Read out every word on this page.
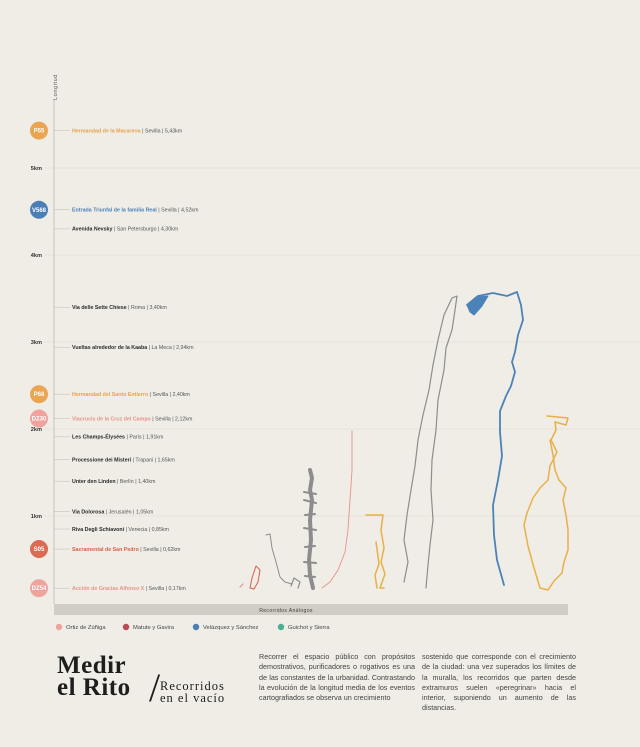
Longitud
5km
4km
3km
2km
1km
Hermandad de la Macarena | Sevilla | 5,43km
Entrada Triunfal de la familia Real | Sevilla | 4,52km
Avenida Nevsky | San Petersburgo | 4,30km
Via delle Sette Chiese | Roma | 3,40km
Vueltas alrededor de la Kaaba | La Meca | 2,94km
Hermandad del Santo Entierro | Sevilla | 2,40km
Viacrucis de la Cruz del Campo | Sevilla | 2,12km
Les Champs-Élysées | París | 1,91km
Processione dei Misteri | Trapani | 1,65km
Unter den Linden | Berlín | 1,40km
Via Dolorosa | Jerusalén | 1,05km
Riva Degli Schiavoni | Venecia | 0,85km
Sacramental de San Pedro | Sevilla | 0,62km
Acción de Gracias Alfonso X | Sevilla | 0,17km
P55
V568
P68
DZ30
S05
DZ54
Recorridos Análogos
Ortiz de Zúñiga	Matute y Gavira	Velázquez y Sánchez	Guichot y Sierra
Medir
el Rito / Recorridos
en el vacío
Recorrer el espacio público con propósitos demostrativos, purificadores o rogativos es una de las constantes de la urbanidad. Contrastando la evolución de la longitud media de los eventos cartografiados se observa un crecimiento
sostenido que corresponde con el crecimiento de la ciudad: una vez superados los límites de la muralla, los recorridos que parten desde extramuros suelen «peregrinar» hacia el interior, suponiendo un aumento de las distancias.
